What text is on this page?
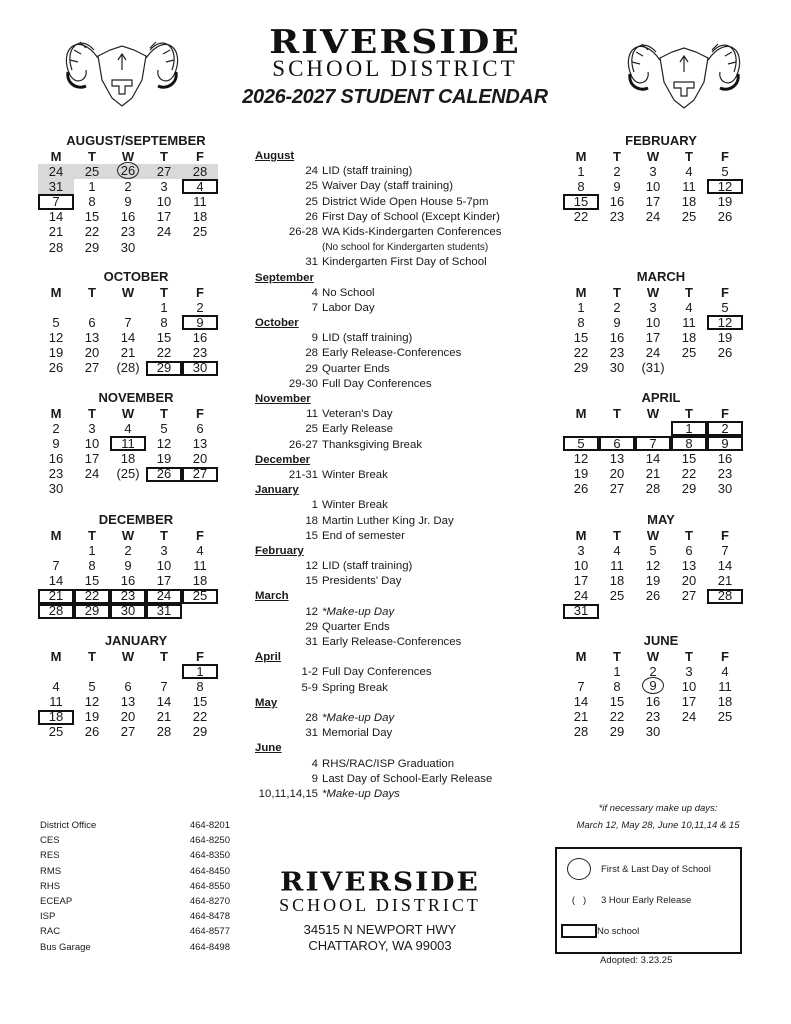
RIVERSIDE
SCHOOL DISTRICT
2026-2027 STUDENT CALENDAR
AUGUST/SEPTEMBER
M	T	W	T	F
24	25	26	27	28
31	1	2	3	4
7	8	9	10	11
14	15	16	17	18
21	22	23	24	25
28	29	30		
OCTOBER
M	T	W	T	F
			1	2
5	6	7	8	9
12	13	14	15	16
19	20	21	22	23
26	27	(28)	29	30
NOVEMBER
M	T	W	T	F
2	3	4	5	6
9	10	11	12	13
16	17	18	19	20
23	24	(25)	26	27
30				
DECEMBER
M	T	W	T	F
	1	2	3	4
7	8	9	10	11
14	15	16	17	18
21	22	23	24	25
28	29	30	31	
JANUARY
M	T	W	T	F
				1
4	5	6	7	8
11	12	13	14	15
18	19	20	21	22
25	26	27	28	29
FEBRUARY
M	T	W	T	F
1	2	3	4	5
8	9	10	11	12
15	16	17	18	19
22	23	24	25	26
MARCH
M	T	W	T	F
1	2	3	4	5
8	9	10	11	12
15	16	17	18	19
22	23	24	25	26
29	30	(31)		
APRIL
M	T	W	T	F
			1	2
5	6	7	8	9
12	13	14	15	16
19	20	21	22	23
26	27	28	29	30
MAY
M	T	W	T	F
3	4	5	6	7
10	11	12	13	14
17	18	19	20	21
24	25	26	27	28
31				
JUNE
M	T	W	T	F
	1	2	3	4
7	8	9	10	11
14	15	16	17	18
21	22	23	24	25
28	29	30		
August
24 LID (staff training)
25 Waiver Day (staff training)
25 District Wide Open House 5-7pm
26 First Day of School (Except Kinder)
26-28 WA Kids-Kindergarten Conferences
(No school for Kindergarten students)
31 Kindergarten First Day of School
September
4 No School
7 Labor Day
October
9 LID (staff training)
28 Early Release-Conferences
29 Quarter Ends
29-30 Full Day Conferences
November
11 Veteran's Day
25 Early Release
26-27 Thanksgiving Break
December
21-31 Winter Break
January
1 Winter Break
18 Martin Luther King Jr. Day
15 End of semester
February
12 LID (staff training)
15 Presidents' Day
March
12 *Make-up Day
29 Quarter Ends
31 Early Release-Conferences
April
1-2 Full Day Conferences
5-9 Spring Break
May
28 *Make-up Day
31 Memorial Day
June
4 RHS/RAC/ISP Graduation
9 Last Day of School-Early Release
10,11,14,15 *Make-up Days
District Office	464-8201
CES	464-8250
RES	464-8350
RMS	464-8450
RHS	464-8550
ECEAP	464-8270
ISP	464-8478
RAC	464-8577
Bus Garage	464-8498
RIVERSIDE
SCHOOL DISTRICT
34515 N NEWPORT HWY
CHATTAROY, WA 99003
*if necessary make up days:
March 12, May 28, June 10,11,14 & 15
First & Last Day of School
(   ) 3 Hour Early Release
No school
Adopted: 3.23.25
